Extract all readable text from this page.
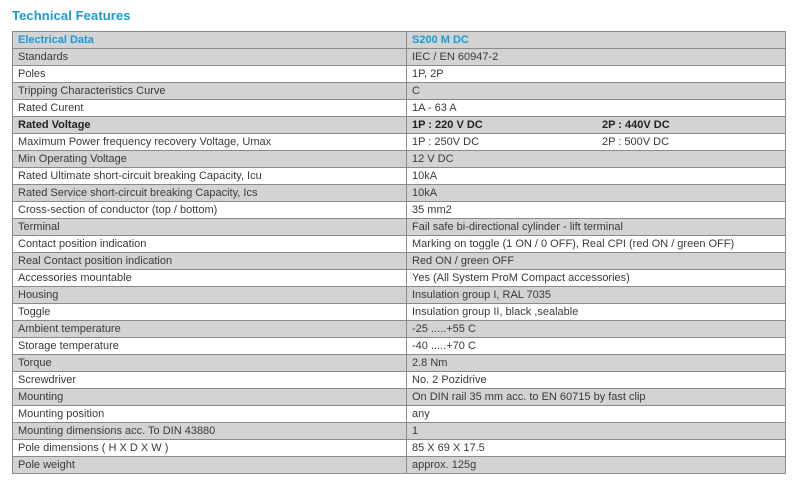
Technical Features
Electrical Data	S200 M DC
Standards	IEC / EN 60947-2
Poles	1P, 2P
Tripping Characteristics Curve	C
Rated Curent	1A - 63 A
Rated Voltage	1P : 220 V DC 2P : 440V DC

Maximum Power frequency recovery Voltage, Umax	1P : 250V DC 2P : 500V DC

Min Operating Voltage	12 V DC
Rated Ultimate short-circuit breaking Capacity, Icu	10kA
Rated Service short-circuit breaking Capacity, Ics	10kA
Cross-section of conductor (top / bottom)	35 mm2
Terminal	Fail safe bi-directional cylinder - lift terminal
Contact position indication	Marking on toggle (1 ON / 0 OFF), Real CPI (red ON / green OFF)
Real Contact position indication	Red ON / green OFF
Accessories mountable	Yes (All System ProM Compact accessories)
Housing	Insulation group I, RAL 7035
Toggle	Insulation group II, black ,sealable
Ambient temperature	-25 .....+55 C
Storage temperature	-40 .....+70 C
Torque	2.8 Nm
Screwdriver	No. 2 Pozidrive
Mounting	On DIN rail 35 mm acc. to EN 60715 by fast clip
Mounting position	any
Mounting dimensions acc. To DIN 43880	1
Pole dimensions ( H X D X W )	85 X 69 X 17.5
Pole weight	approx. 125g
